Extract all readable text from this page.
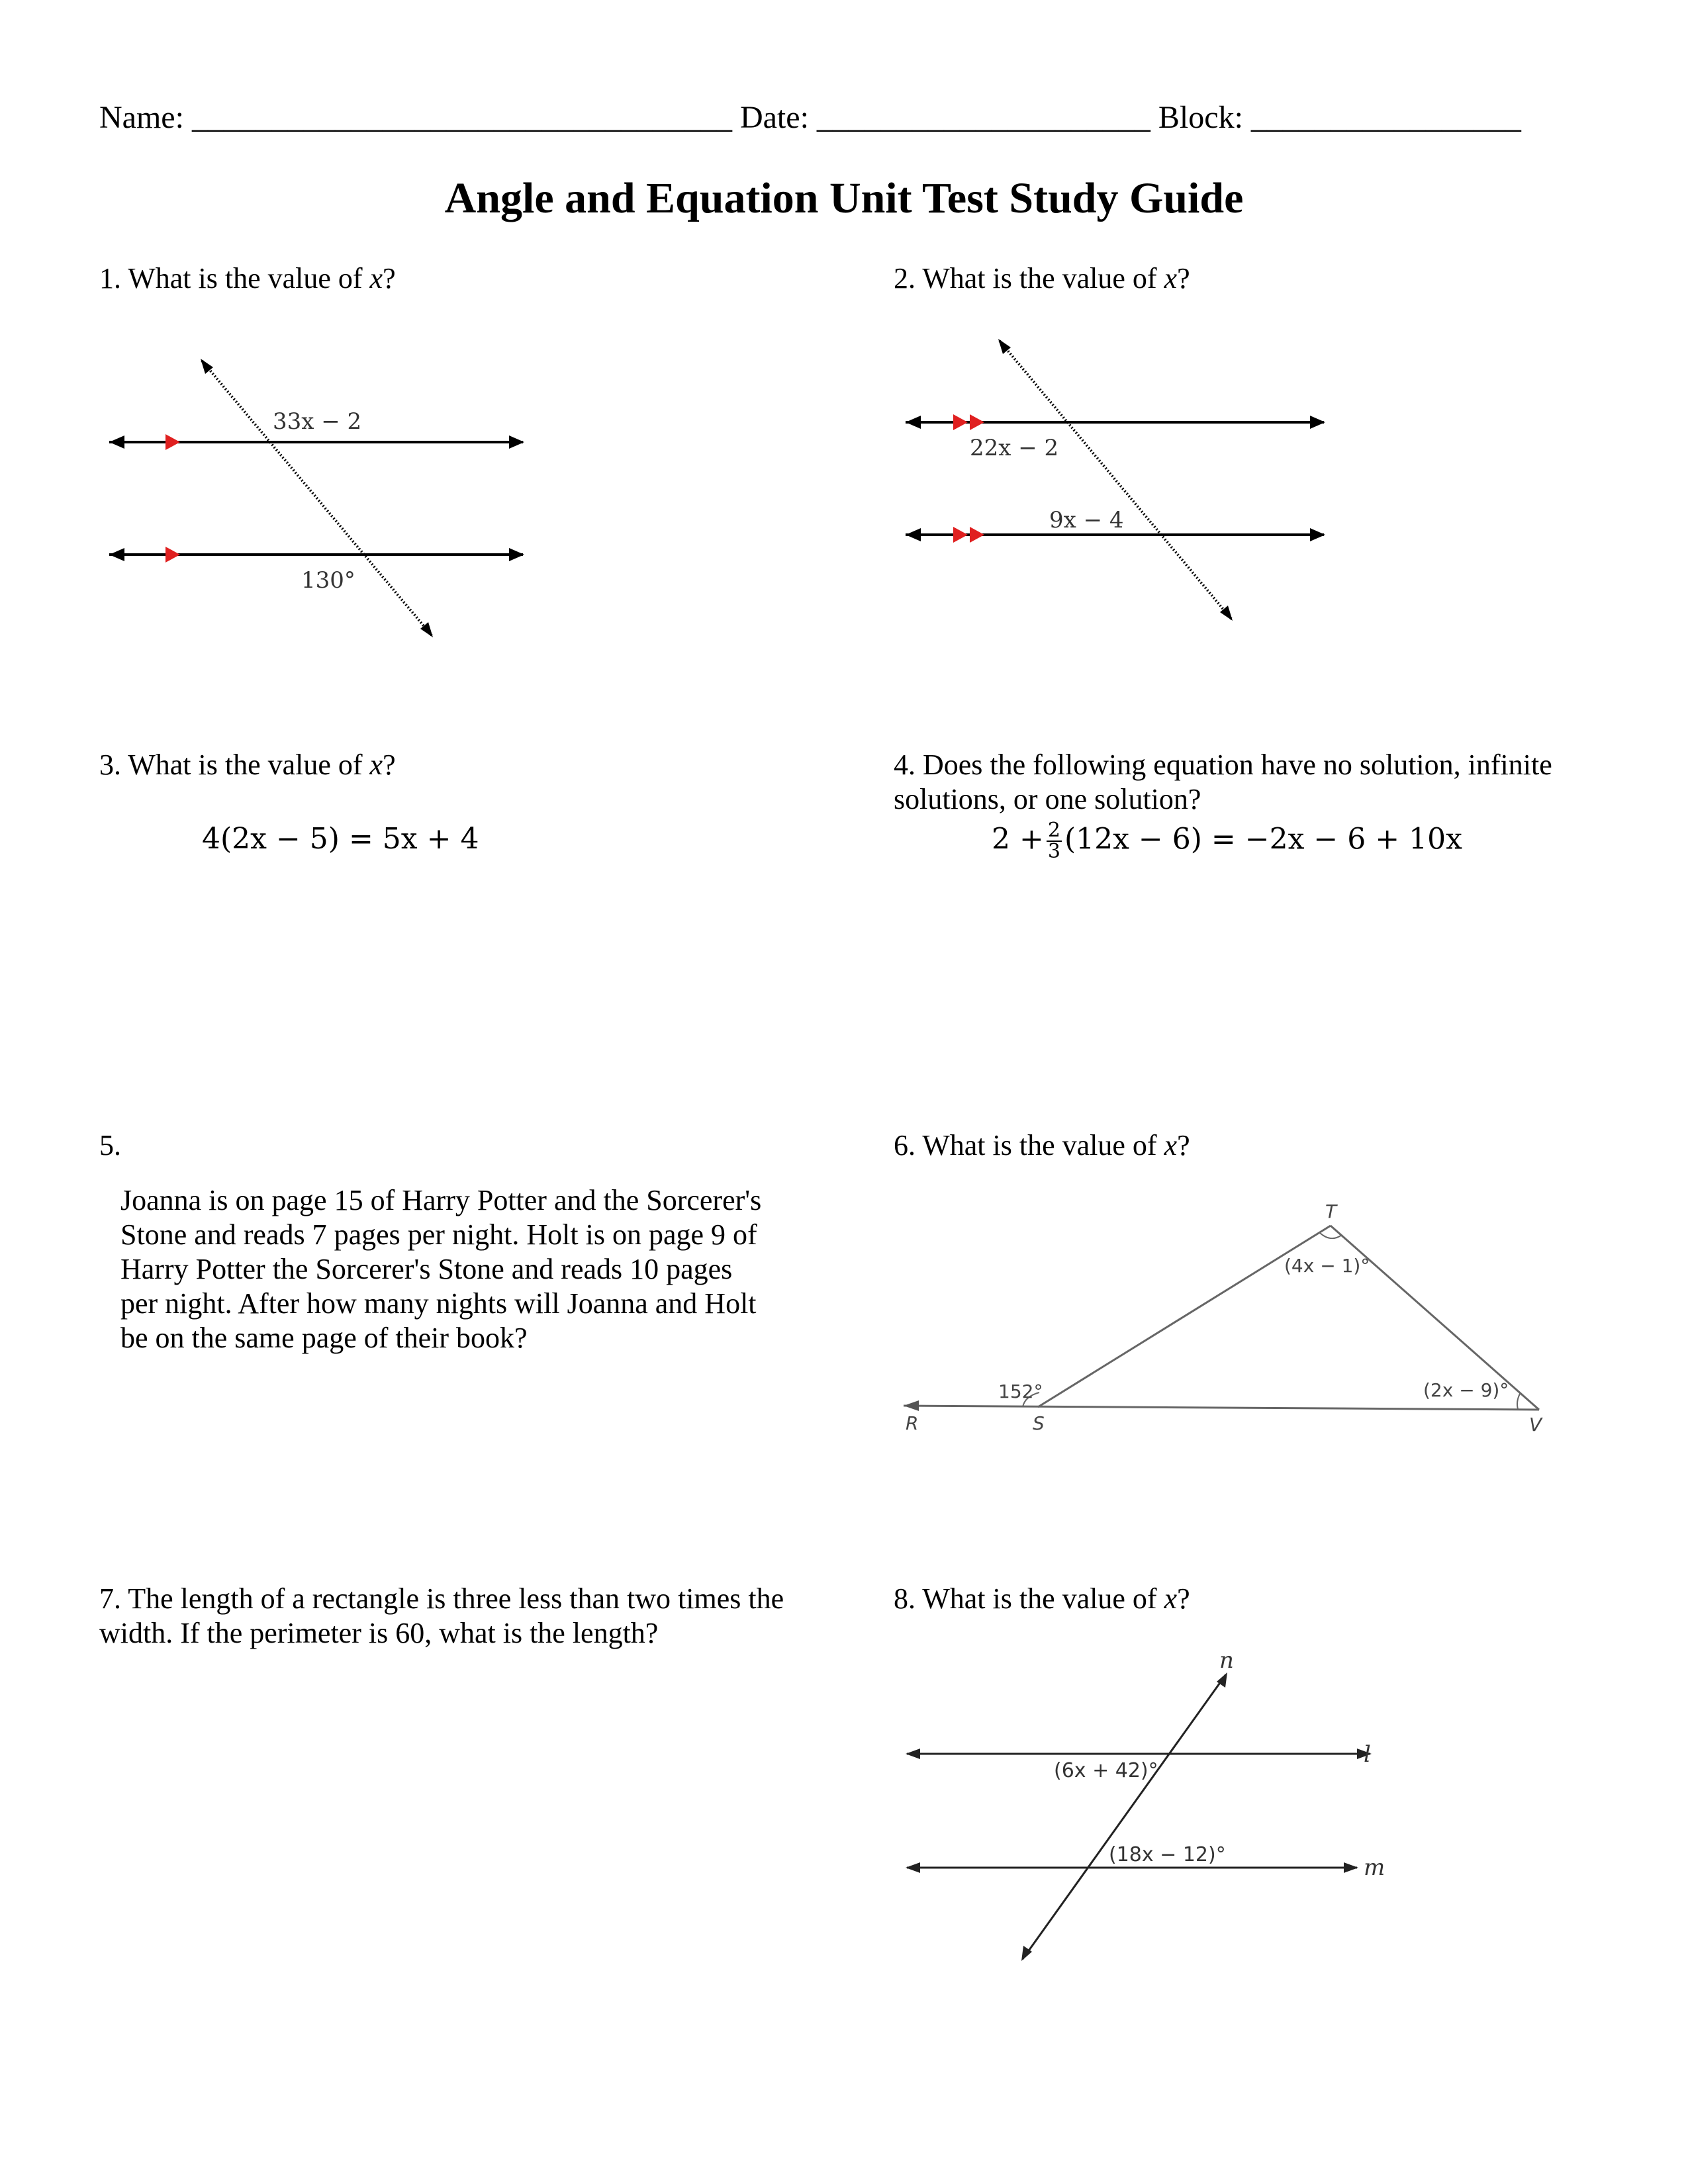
Name: __________________________________ Date: _____________________ Block: _________________
Angle and Equation Unit Test Study Guide
1. What is the value of x?
33x − 2
130°
2. What is the value of x?
22x − 2
9x − 4
3. What is the value of x?
4(2x − 5) = 5x + 4
4. Does the following equation have no solution, infinite solutions, or one solution?
$2 + \frac{2}{3} (12x - 6) = -2x - 6 + 10x$
5.
Joanna is on page 15 of Harry Potter and the Sorcerer's Stone and reads 7 pages per night. Holt is on page 9 of Harry Potter the Sorcerer's Stone and reads 10 pages per night. After how many nights will Joanna and Holt be on the same page of their book?
6. What is the value of x?
T
S
R	V
(4x − 1)°
152°	(2x − 9)°
7. The length of a rectangle is three less than two times the width. If the perimeter is 60, what is the length?
8. What is the value of x?
n
l
m
(6x + 42)°
(18x − 12)°
